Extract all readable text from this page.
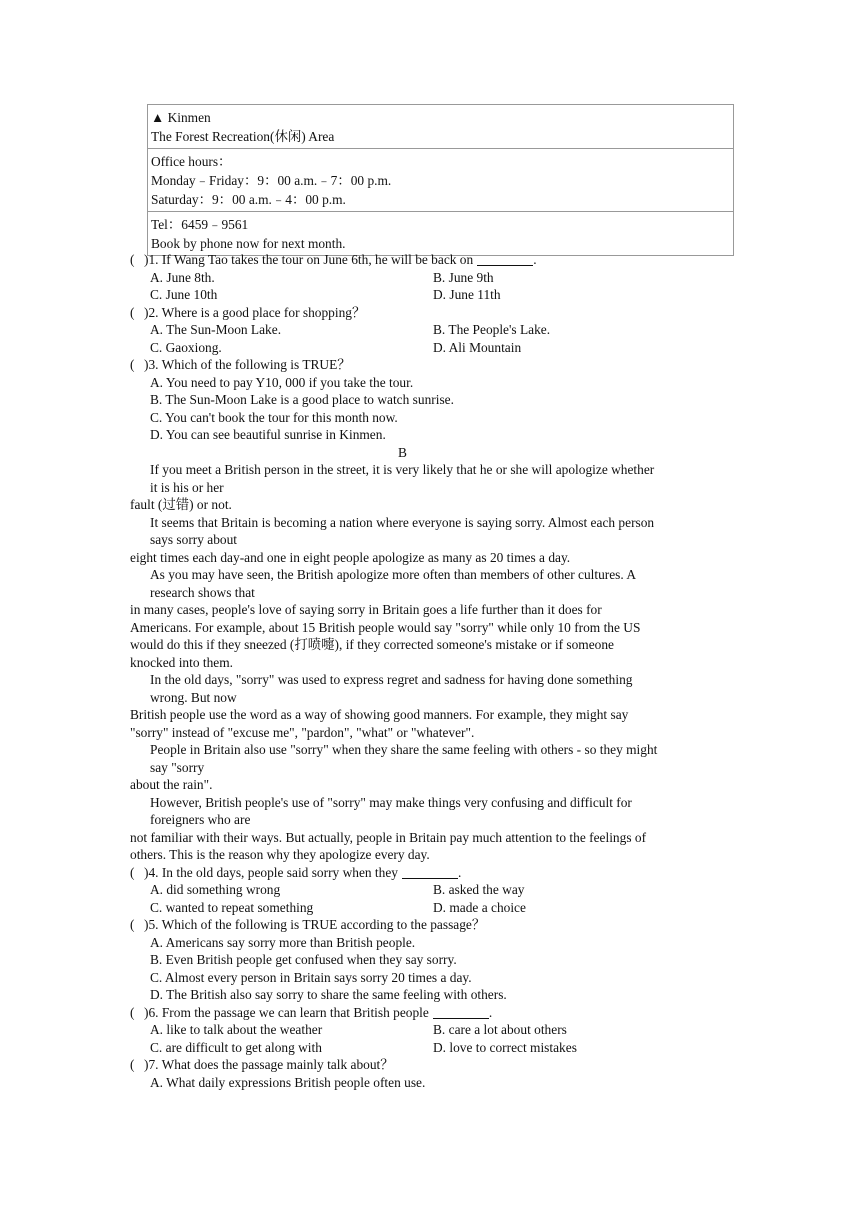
▲ Kinmen
The Forest Recreation(休闲) Area
Office hours：
Monday﹣Friday：9：00 a.m.﹣7：00 p.m.
Saturday：9：00 a.m.﹣4：00 p.m.
Tel：6459﹣9561
Book by phone now for next month.
( )1. If Wang Tao takes the tour on June 6th, he will be back on	.
A. June 8th.	B. June 9th
C. June 10th	D. June 11th
( )2. Where is a good place for shopping？
A. The Sun-Moon Lake.	B. The People's Lake.
C. Gaoxiong.	D. Ali Mountain
( )3. Which of the following is TRUE？
A. You need to pay Y10, 000 if you take the tour.
B. The Sun-Moon Lake is a good place to watch sunrise.
C. You can't book the tour for this month now.
D. You can see beautiful sunrise in Kinmen.
B
If you meet a British person in the street, it is very likely that he or she will apologize whether
it is his or her
fault (过错) or not.
It seems that Britain is becoming a nation where everyone is saying sorry. Almost each person
says sorry about
eight times each day-and one in eight people apologize as many as 20 times a day.
As you may have seen, the British apologize more often than members of other cultures. A
research shows that
in many cases, people's love of saying sorry in Britain goes a life further than it does for
Americans. For example, about 15 British people would say "sorry" while only 10 from the US
would do this if they sneezed (打喷嚏), if they corrected someone's mistake or if someone
knocked into them.
In the old days, "sorry" was used to express regret and sadness for having done something
wrong. But now
British people use the word as a way of showing good manners. For example, they might say
"sorry" instead of "excuse me", "pardon", "what" or "whatever".
People in Britain also use "sorry" when they share the same feeling with others - so they might
say "sorry
about the rain".
However, British people's use of "sorry" may make things very confusing and difficult for
foreigners who are
not familiar with their ways. But actually, people in Britain pay much attention to the feelings of
others. This is the reason why they apologize every day.
( )4. In the old days, people said sorry when they	.
A. did something wrong	B. asked the way
C. wanted to repeat something	D. made a choice
( )5. Which of the following is TRUE according to the passage？
A. Americans say sorry more than British people.
B. Even British people get confused when they say sorry.
C. Almost every person in Britain says sorry 20 times a day.
D. The British also say sorry to share the same feeling with others.
( )6. From the passage we can learn that British people	.
A. like to talk about the weather	B. care a lot about others
C. are difficult to get along with	D. love to correct mistakes
( )7. What does the passage mainly talk about？
A. What daily expressions British people often use.
